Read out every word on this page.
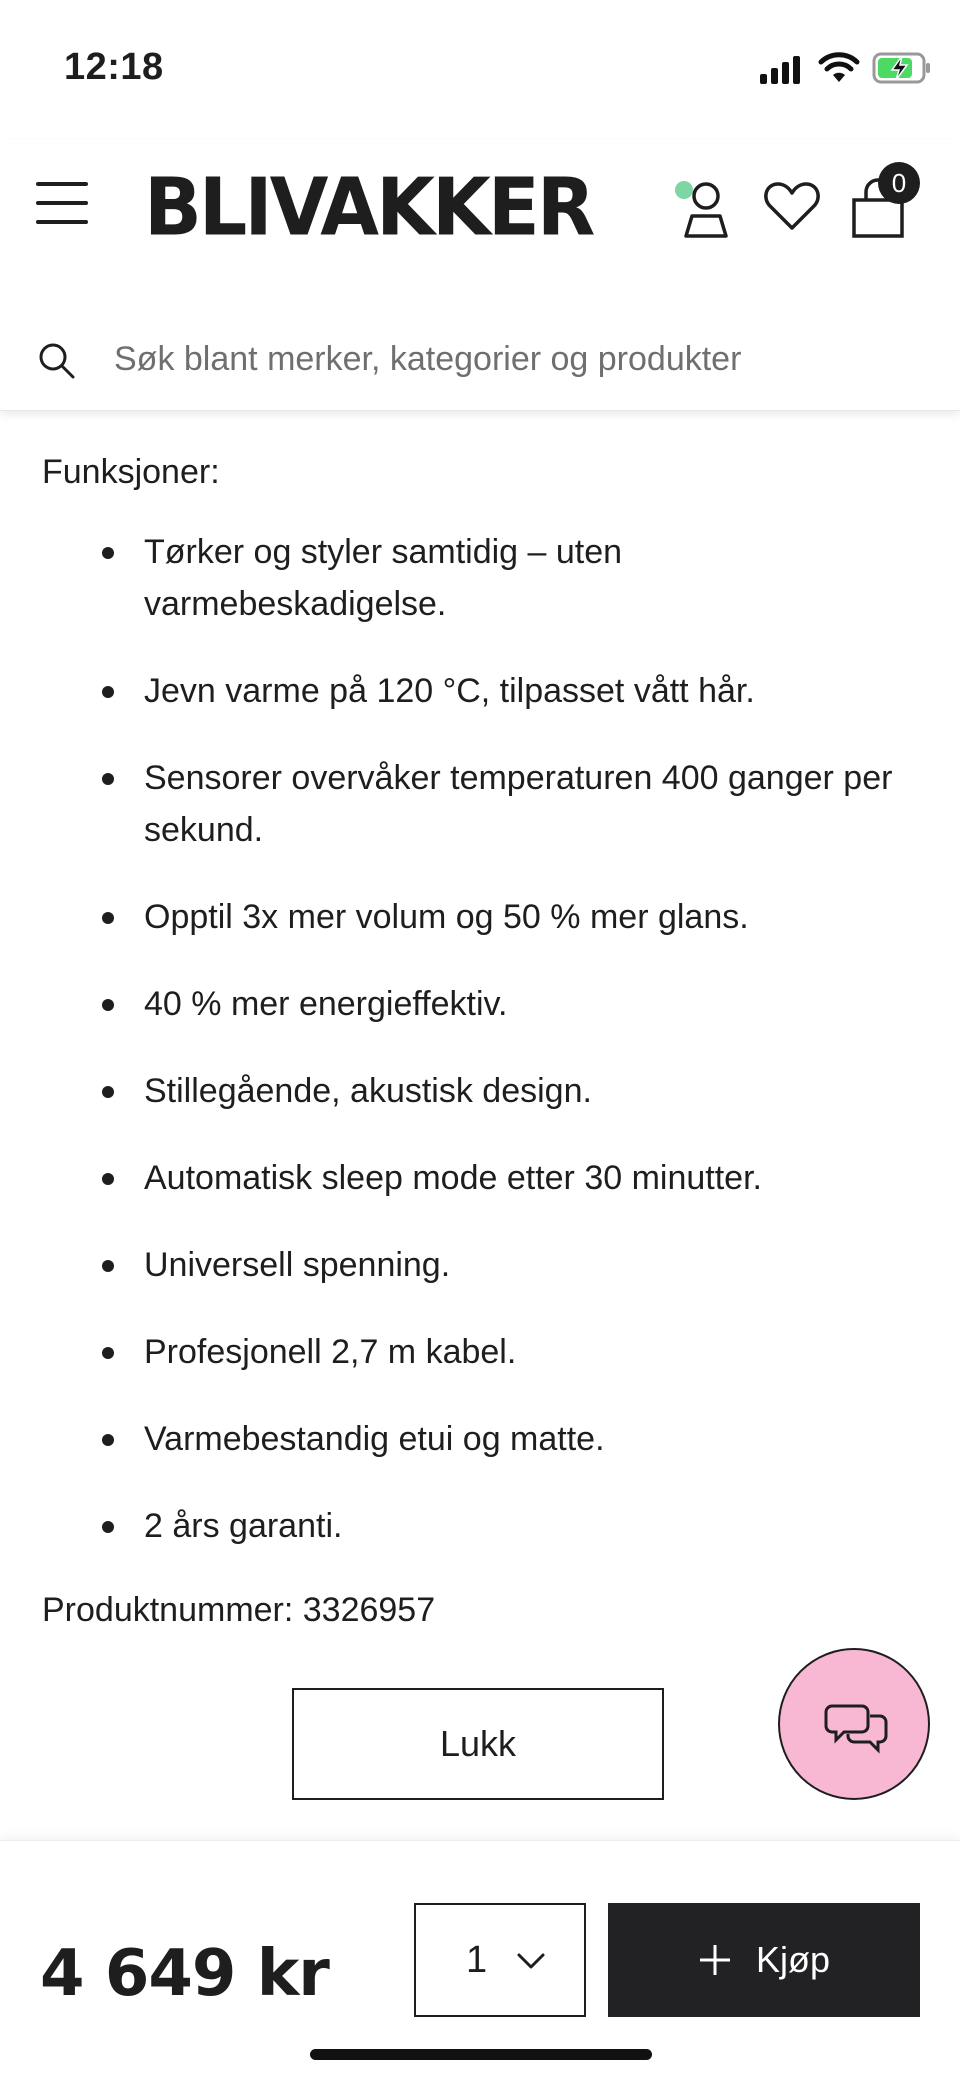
12:18
BLIVAKKER	0
Søk blant merker, kategorier og produkter
Funksjoner:
Tørker og styler samtidig – uten varmebeskadigelse.
Jevn varme på 120 °C, tilpasset vått hår.
Sensorer overvåker temperaturen 400 ganger per sekund.
Opptil 3x mer volum og 50 % mer glans.
40 % mer energieffektiv.
Stillegående, akustisk design.
Automatisk sleep mode etter 30 minutter.
Universell spenning.
Profesjonell 2,7 m kabel.
Varmebestandig etui og matte.
2 års garanti.
Produktnummer: 3326957
Lukk
4 649 kr	1	Kjøp
